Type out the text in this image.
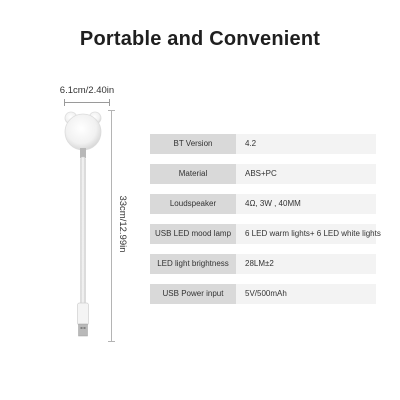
Portable and Convenient
6.1cm/2.40in
33cm/12.99in
BT Version	4.2
Material	ABS+PC
Loudspeaker	4Ω, 3W , 40MM
USB LED mood lamp	6 LED warm lights+ 6 LED white lights
LED light brightness	28LM±2
USB Power input	5V/500mAh
